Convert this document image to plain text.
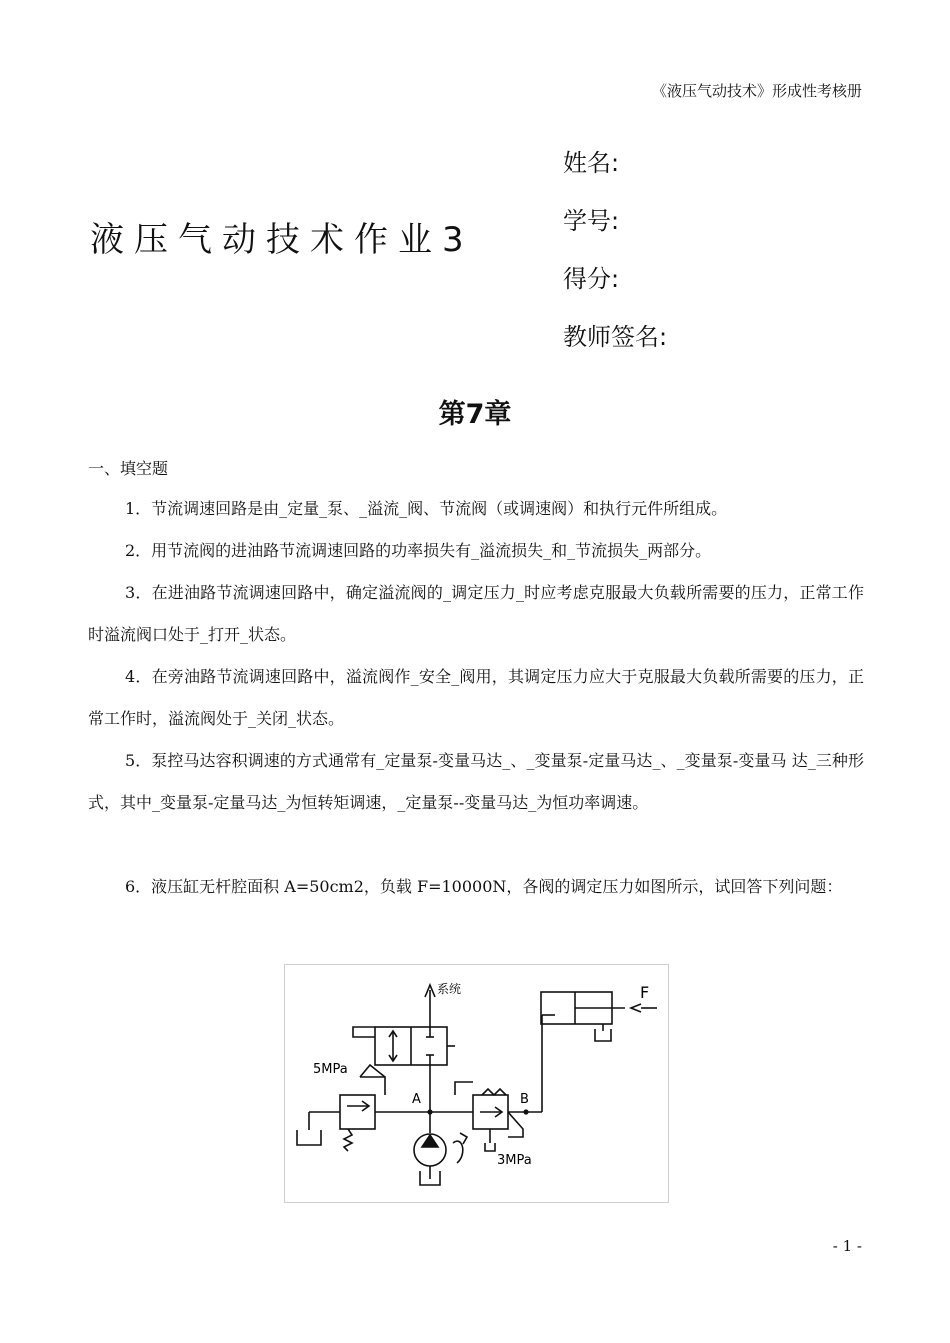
《液压气动技术》形成性考核册
液压气动技术作业3
姓名:
学号:
得分:
教师签名:
第7章
一、填空题
1．节流调速回路是由_定量_泵、_溢流_阀、节流阀（或调速阀）和执行元件所组成。
2．用节流阀的进油路节流调速回路的功率损失有_溢流损失_和_节流损失_两部分。
3．在进油路节流调速回路中，确定溢流阀的_调定压力_时应考虑克服最大负载所需要的压力，正常工作时溢流阀口处于_打开_状态。
4．在旁油路节流调速回路中，溢流阀作_安全_阀用，其调定压力应大于克服最大负载所需要的压力，正常工作时，溢流阀处于_关闭_状态。
5．泵控马达容积调速的方式通常有_定量泵-变量马达_、_变量泵-定量马达_、_变量泵-变量马 达_三种形式，其中_变量泵-定量马达_为恒转矩调速，_定量泵--变量马达_为恒功率调速。
6．液压缸无杆腔面积 A=50cm2，负载 F=10000N，各阀的调定压力如图所示，试回答下列问题：
系统	F
5MPa
3MPa
A	B
- 1 -
